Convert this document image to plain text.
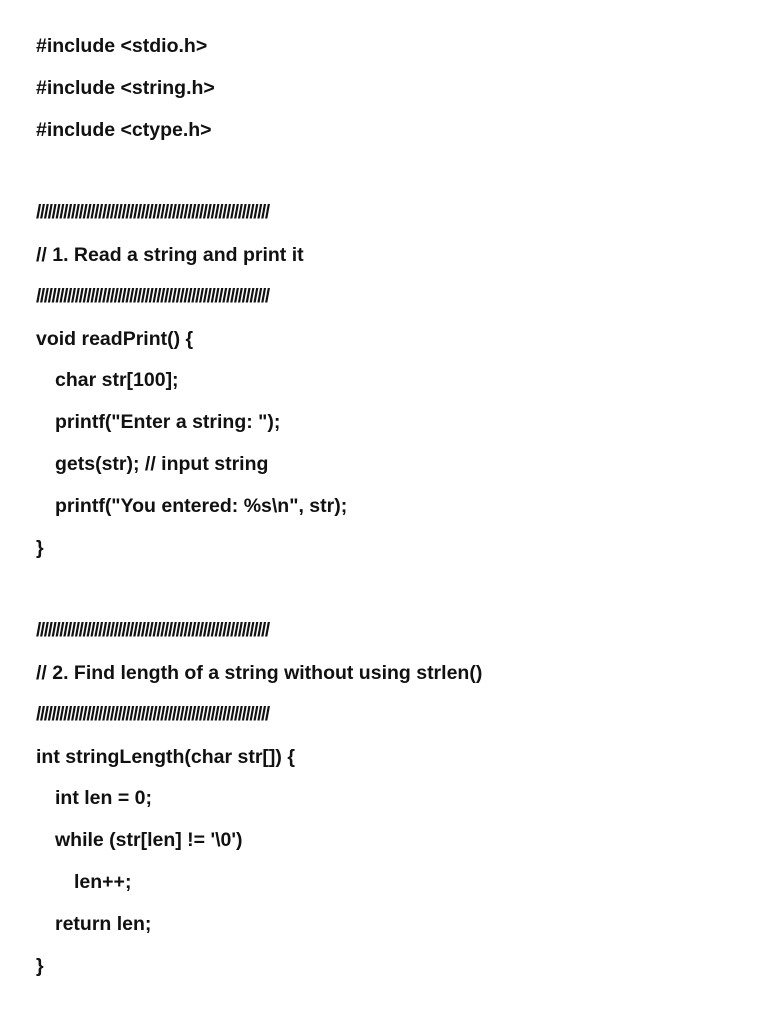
#include <stdio.h>
#include <string.h>
#include <ctype.h>
////////////////////////////////////////////////////////////
// 1. Read a string and print it
////////////////////////////////////////////////////////////
void readPrint() {
char str[100];
printf("Enter a string: ");
gets(str); // input string
printf("You entered: %s\n", str);
}
////////////////////////////////////////////////////////////
// 2. Find length of a string without using strlen()
////////////////////////////////////////////////////////////
int stringLength(char str[]) {
int len = 0;
while (str[len] != '\0')
len++;
return len;
}
